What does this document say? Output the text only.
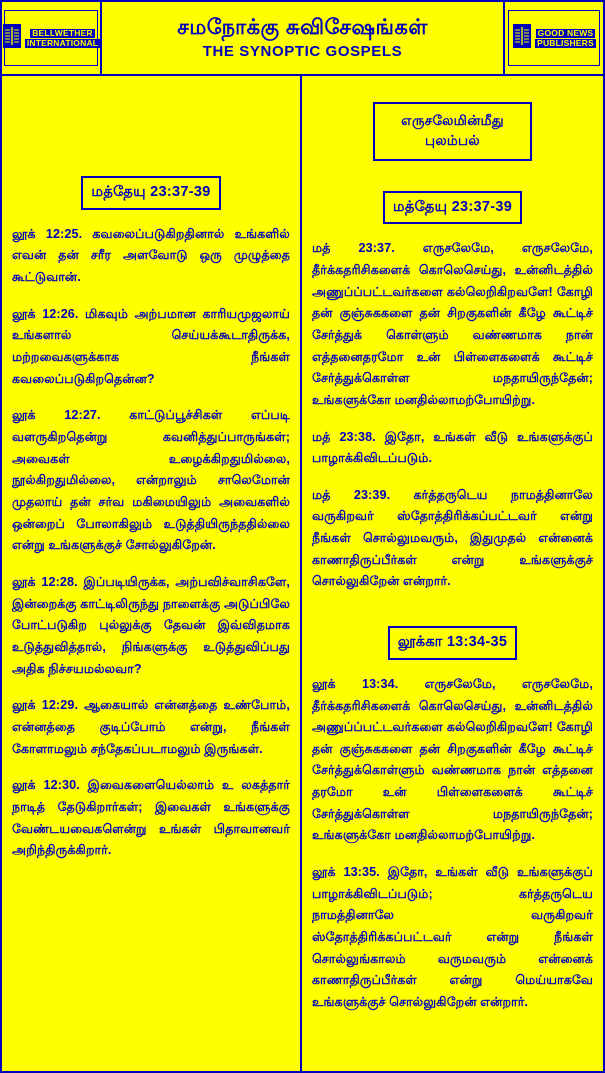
BELLWETHER
INTERNATIONAL
சமநோக்கு சுவிசேஷங்கள்
THE SYNOPTIC GOSPELS
GOOD NEWS
PUBLISHERS
மத்தேயு 23:37-39

லூக் 12:25. கவலைப்படுகிறதினால் உங்களில் எவன் தன் சரீர அளவோடு ஒரு முழுத்தை கூட்டுவான்.

லூக் 12:26. மிகவும் அற்பமான காரியமுஜலாய் உங்களால் செய்யக்கூடாதிருக்க, மற்றவைகளுக்காக நீங்கள் கவலைப்படுகிறதென்ன?

லூக் 12:27. காட்டுப்பூச்சிகள் எப்படி வளருகிறதென்று கவனித்துப்பாருங்கள்; அவைகள் உழைக்கிறதுமில்லை, நூல்கிறதுமில்லை, என்றாலும் சாலெமோன் முதலாய் தன் சர்வ மகிமையிலும் அவைகளில் ஒன்றைப் போலாகிலும் உடுத்தியிருந்ததில்லை என்று உங்களுக்குச் சோல்லுகிறேன்.

லூக் 12:28. இப்படியிருக்க, அற்பவிச்வாசிகளே, இன்றைக்கு காட்டிலிருந்து நாளைக்கு அடுப்பிலே போட்படுகிற புல்லுக்கு தேவன் இவ்விதமாக உடுத்துவித்தால், நிங்களுக்கு உடுத்துவிப்பது அதிக நிச்சயமல்லவா?

லூக் 12:29. ஆகையால் என்னத்தை உண்போம், என்னத்தை குடிப்போம் என்று, நீங்கள் கோளாமலும் சந்தேகப்படாமலும் இருங்கள்.

லூக் 12:30. இவைகளையெல்லாம் உ லகத்தார் நாடித் தேடுகிறார்கள்; இவைகள் உங்களுக்கு வேண்டயவைகளென்று உங்கள் பிதாவானவர் அறிந்திருக்கிறார்.

எருசலேமின்மீது
புலம்பல்
மத்தேயு 23:37-39

மத் 23:37. எருசலேமே, எருசலேமே, தீர்க்கதரிசிகளைக் கொலெசெய்து, உன்னிடத்தில் அணுப்ப்பட்டவர்களை கல்லெறிகிறவளே! கோழி தன் குஞ்சுககளை தன் சிறகுகளின் கீழே கூட்டிச் சேர்த்துக் கொள்ளும் வண்ணமாக நான் எத்தனைதரமோ உன் பிள்ளைகளைக் கூட்டிச் சேர்த்துக்கொள்ள மநதாயிருந்தேன்; உங்களுக்கோ மனதில்லாமற்போயிற்று.

மத் 23:38. இதோ, உங்கள் வீடு உங்களுக்குப் பாழாக்கிவிடப்படும்.

மத் 23:39. கர்த்தருடெய நாமத்தினாலே வருகிறவர் ஸ்தோத்திரிக்கப்பட்டவர் என்று நீங்கள் சொல்லுமவரும், இதுமுதல் என்னைக் காணாதிருப்பீர்கள் என்று உங்களுக்குச் சொல்லுகிறேன் என்றார்.

லூக்கா 13:34-35

லூக் 13:34. எருசலேமே, எருசலேமே, தீர்க்கதரிசிகளைக் கொலெசெய்து, உன்னிடத்தில் அணுப்ப்பட்டவர்களை கல்லெறிகிறவளே! கோழி தன் குஞ்சுககளை தன் சிறகுகளின் கீழே கூட்டிச் சேர்த்துக்கொள்ளும் வண்ணமாக நான் எத்தனை தரமோ உன் பிள்ளைகளைக் கூட்டிச் சேர்த்துக்கொள்ள மநதாயிருந்தேன்; உங்களுக்கோ மனதில்லாமற்போயிற்று.

லூக் 13:35. இதோ, உங்கள் வீடு உங்களுக்குப் பாழாக்கிவிடப்படும்; கர்த்தருடெய நாமத்தினாலே வருகிறவர் ஸ்தோத்திரிக்கப்பட்டவர் என்று நீங்கள் சொல்லுங்காலம் வருமவரும் என்னைக் காணாதிருப்பீர்கள் என்று மெய்யாகவே உங்களுக்குச் சொல்லுகிறேன் என்றார்.
